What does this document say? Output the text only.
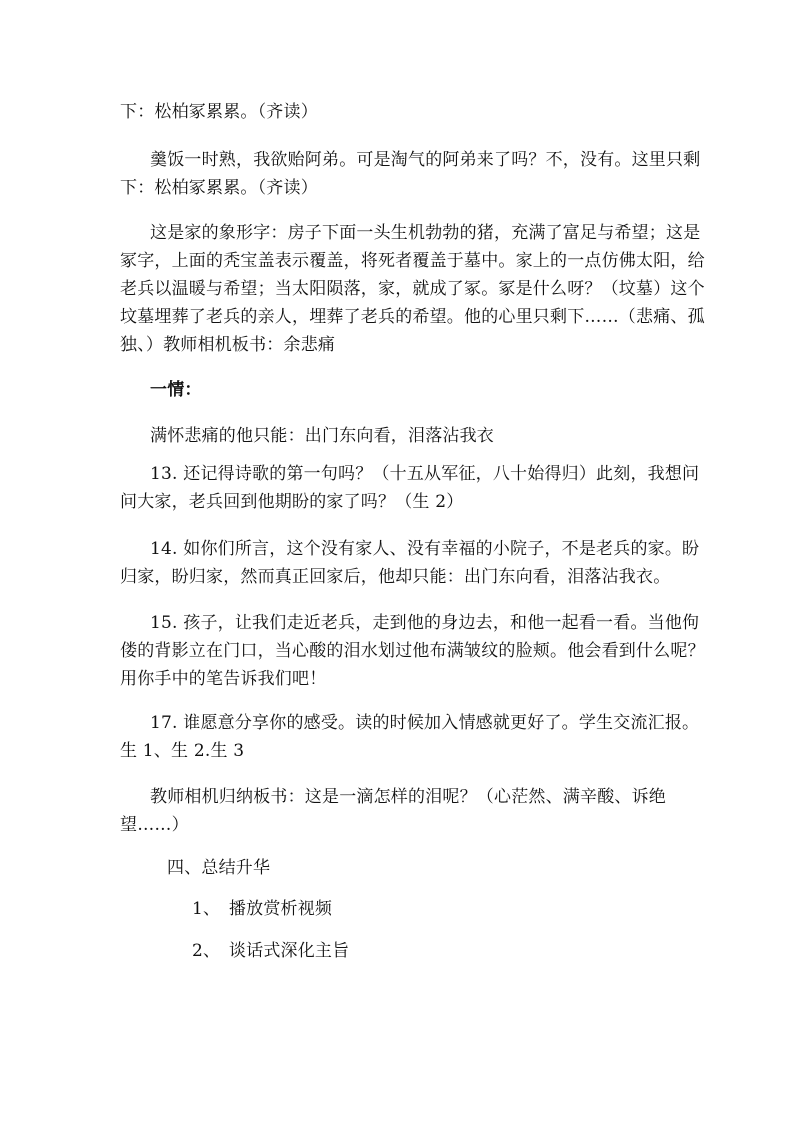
下：松柏冢累累。（齐读）
羹饭一时熟，我欲贻阿弟。可是淘气的阿弟来了吗？不，没有。这里只剩
下：松柏冢累累。（齐读）
这是家的象形字：房子下面一头生机勃勃的猪，充满了富足与希望；这是
冢字，上面的秃宝盖表示覆盖，将死者覆盖于墓中。家上的一点仿佛太阳，给
老兵以温暖与希望；当太阳陨落，家，就成了冢。冢是什么呀？（坟墓）这个
坟墓埋葬了老兵的亲人，埋葬了老兵的希望。他的心里只剩下……（悲痛、孤
独、）教师相机板书：余悲痛
一情：
满怀悲痛的他只能：出门东向看，泪落沾我衣
13. 还记得诗歌的第一句吗？（十五从军征，八十始得归）此刻，我想问
问大家，老兵回到他期盼的家了吗？（生 2）
14. 如你们所言，这个没有家人、没有幸福的小院子，不是老兵的家。盼
归家，盼归家，然而真正回家后，他却只能：出门东向看，泪落沾我衣。
15. 孩子，让我们走近老兵，走到他的身边去，和他一起看一看。当他佝
偻的背影立在门口，当心酸的泪水划过他布满皱纹的脸颊。他会看到什么呢？
用你手中的笔告诉我们吧！
17. 谁愿意分享你的感受。读的时候加入情感就更好了。学生交流汇报。
生 1、生 2.生 3
教师相机归纳板书：这是一滴怎样的泪呢？（心茫然、满辛酸、诉绝
望……）
四、总结升华
1、　播放赏析视频
2、　谈话式深化主旨
